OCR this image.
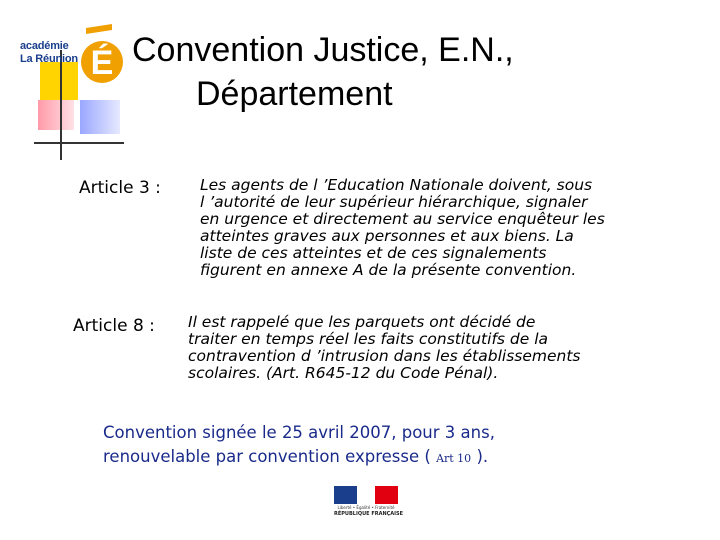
académie
La Réunion É Convention Justice, E.N.,
Département
Article 3 :	Les agents de l ’Education Nationale doivent, sous
l ’autorité de leur supérieur hiérarchique, signaler
en urgence et directement au service enquêteur les
atteintes graves aux personnes et aux biens. La
liste de ces atteintes et de ces signalements
figurent en annexe A de la présente convention.
Article 8 : Il est rappelé que les parquets ont décidé de
traiter en temps réel les faits constitutifs de la
contravention d ’intrusion dans les établissements
scolaires. (Art. R645-12 du Code Pénal).
Convention signée le 25 avril 2007, pour 3 ans,
renouvelable par convention expresse ( Art 10 ).
Liberté • Égalité • Fraternité
RÉPUBLIQUE FRANÇAISE
